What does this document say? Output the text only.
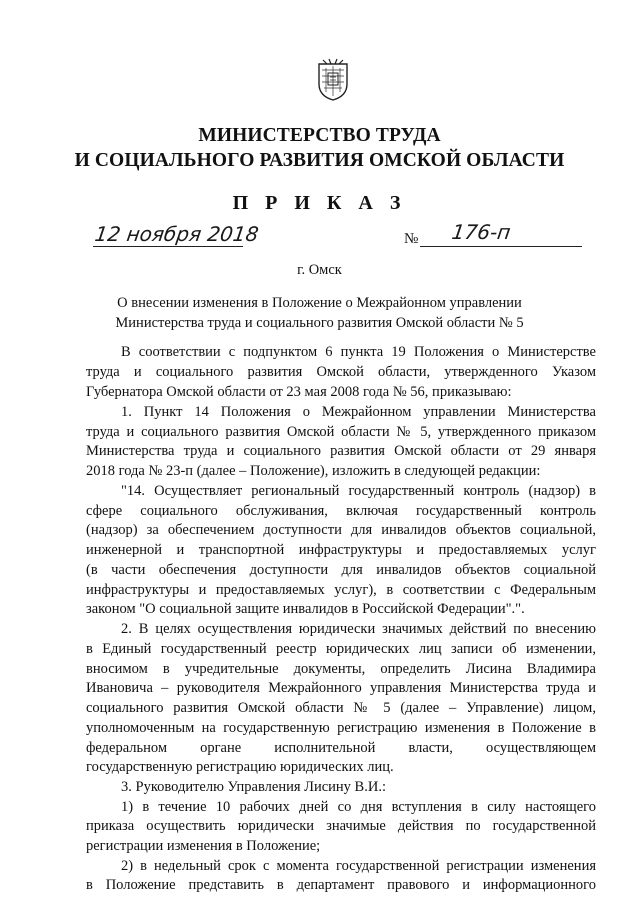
МИНИСТЕРСТВО ТРУДА
И СОЦИАЛЬНОГО РАЗВИТИЯ ОМСКОЙ ОБЛАСТИ
П Р И К А З
12 ноября 2018	№ 176-п
г. Омск
О внесении изменения в Положение о Межрайонном управлении
Министерства труда и социального развития Омской области № 5
В соответствии с подпунктом 6 пункта 19 Положения о Министерстве
труда и социального развития Омской области, утвержденного Указом
Губернатора Омской области от 23 мая 2008 года № 56, приказываю:
1. Пункт 14 Положения о Межрайонном управлении Министерства
труда и социального развития Омской области № 5, утвержденного приказом
Министерства труда и социального развития Омской области от 29 января
2018 года № 23-п (далее – Положение), изложить в следующей редакции:
"14. Осуществляет региональный государственный контроль (надзор) в
сфере социального обслуживания, включая государственный контроль
(надзор) за обеспечением доступности для инвалидов объектов социальной,
инженерной и транспортной инфраструктуры и предоставляемых услуг
(в части обеспечения доступности для инвалидов объектов социальной
инфраструктуры и предоставляемых услуг), в соответствии с Федеральным
законом "О социальной защите инвалидов в Российской Федерации".".
2. В целях осуществления юридически значимых действий по внесению
в Единый государственный реестр юридических лиц записи об изменении,
вносимом в учредительные документы, определить Лисина Владимира
Ивановича – руководителя Межрайонного управления Министерства труда и
социального развития Омской области № 5 (далее – Управление) лицом,
уполномоченным на государственную регистрацию изменения в Положение в
федеральном органе исполнительной власти, осуществляющем
государственную регистрацию юридических лиц.
3. Руководителю Управления Лисину В.И.:
1) в течение 10 рабочих дней со дня вступления в силу настоящего
приказа осуществить юридически значимые действия по государственной
регистрации изменения в Положение;
2) в недельный срок с момента государственной регистрации изменения
в Положение представить в департамент правового и информационного
